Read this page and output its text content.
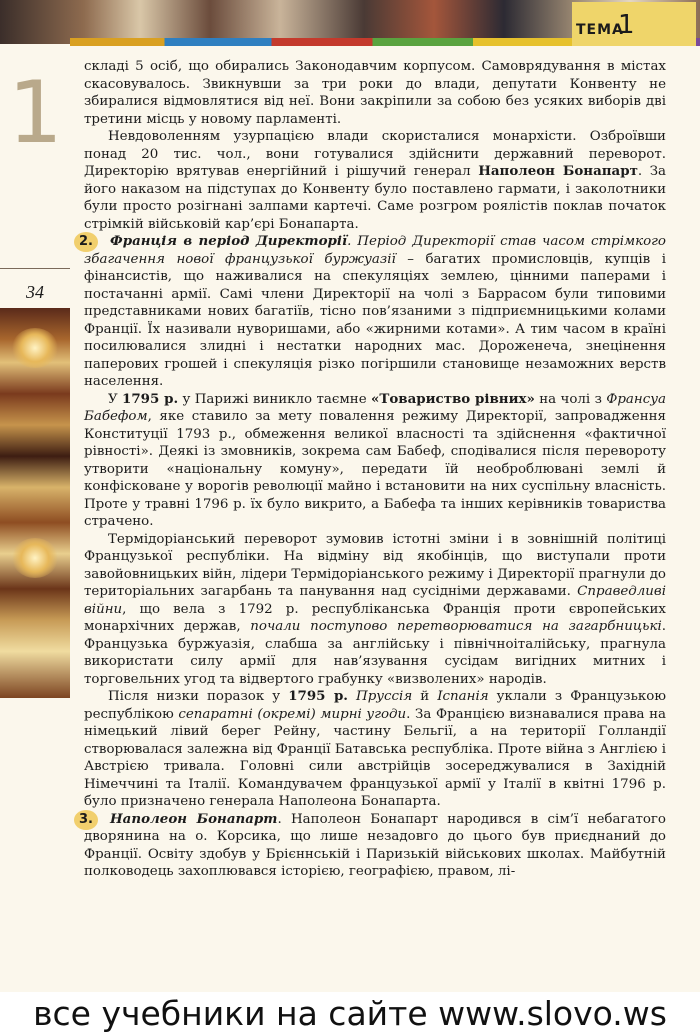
ТЕМА
1
1
34

складі 5 осіб, що обирались Законодавчим корпусом. Самоврядування в містах скасовувалось. Звикнувши за три роки до влади, депутати Конвенту не збиралися відмовлятися від неї. Вони закріпили за собою без усяких виборів дві третини місць у новому парламенті.

Невдоволенням узурпацією влади скористалися монархісти. Озброївши понад 20 тис. чол., вони готувалися здійснити державний переворот. Директорію врятував енергійний і рішучий генерал Наполеон Бонапарт. За його наказом на підступах до Конвенту було поставлено гармати, і заколотники були просто розігнані залпами картечі. Саме розгром роялістів поклав початок стрімкій військовій кар’єрі Бонапарта.

2.	Франція в період Директорії. Період Директорії став часом стрімкого збагачення нової французької буржуазії – багатих промисловців, купців і фінансистів, що наживалися на спекуляціях землею, цінними паперами і постачанні армії. Самі члени Директорії на чолі з Баррасом були типовими представниками нових багатіїв, тісно пов’язаними з підприємницькими колами Франції. Їх називали нуворишами, або «жирними котами». А тим часом в країні посилювалися злидні і нестатки народних мас. Дороженеча, знецінення паперових грошей і спекуляція різко погіршили становище незаможних верств населення.

У 1795 р. у Парижі виникло таємне «Товариство рівних» на чолі з Франсуа Бабефом, яке ставило за мету повалення режиму Директорії, запровадження Конституції 1793 р., обмеження великої власності та здійснення «фактичної рівності». Деякі із змовників, зокрема сам Бабеф, сподівалися після перевороту утворити «національну комуну», передати їй необроблювані землі й конфісковане у ворогів революції майно і встановити на них суспільну власність. Проте у травні 1796 р. їх було викрито, а Бабефа та інших керівників товариства страчено.

Термідоріанський переворот зумовив істотні зміни і в зовнішній політиці Французької республіки. На відміну від якобінців, що виступали проти завойовницьких війн, лідери Термідоріанського режиму і Директорії прагнули до територіальних загарбань та панування над сусідніми державами. Справедливі війни, що вела з 1792 р. республіканська Франція проти європейських монархічних держав, почали поступово перетворюватися на загарбницькі. Французька буржуазія, слабша за англійську і північноіталійську, прагнула використати силу армії для нав’язування сусідам вигідних митних і торговельних угод та відвертого грабунку «визволених» народів.

Після низки поразок у 1795 р. Пруссія й Іспанія уклали з Французькою республікою сепаратні (окремі) мирні угоди. За Францією визнавалися права на німецький лівий берег Рейну, частину Бельгії, а на території Голландії створювалася залежна від Франції Батавська республіка. Проте війна з Англією і Австрією тривала. Головні сили австрійців зосереджувалися в Західній Німеччині та Італії. Командувачем французької армії у Італії в квітні 1796 р. було призначено генерала Наполеона Бонапарта.

3.	Наполеон Бонапарт. Наполеон Бонапарт народився в сім’ї небагатого дворянина на о. Корсика, що лише незадовго до цього був приєднаний до Франції. Освіту здобув у Брієннській і Паризькій військових школах. Майбутній полководець захоплювався історією, географією, правом, лі-

все учебники на сайте www.slovo.ws
